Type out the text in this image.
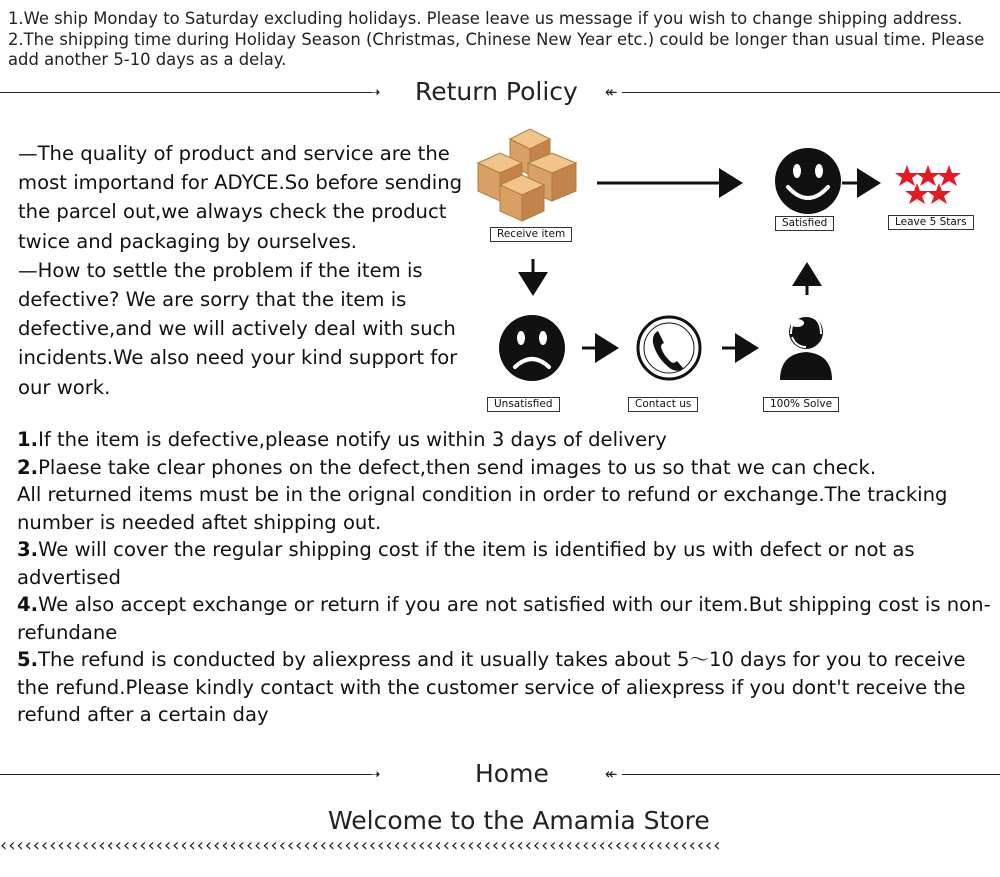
1.We ship Monday to Saturday excluding holidays. Please leave us message if you wish to change shipping address.
2.The shipping time during Holiday Season (Christmas, Chinese New Year etc.) could be longer than usual time. Please add another 5-10 days as a delay.
➝ Return Policy ↞
—The quality of product and service are the most importand for ADYCE.So before sending the parcel out,we always check the product twice and packaging by ourselves.
—How to settle the problem if the item is defective? We are sorry that the item is defective,and we will actively deal with such incidents.We also need your kind support for our work.
Receive item
Satisfied	Leave 5 Stars
Unsatisfied	Contact us	100% Solve

1.If the item is defective,please notify us within 3 days of delivery

2.Plaese take clear phones on the defect,then send images to us so that we can check.

All returned items must be in the orignal condition in order to refund or exchange.The tracking number is needed aftet shipping out.

3.We will cover the regular shipping cost if the item is identified by us with defect or not as advertised

4.We also accept exchange or return if you are not satisfied with our item.But shipping cost is non-refundane

5.The refund is conducted by aliexpress and it usually takes about 5～10 days for you to receive the refund.Please kindly contact with the customer service of aliexpress if you dont't receive the refund after a certain day

➝	Home	↞
Welcome to the Amamia Store
‹‹‹‹‹‹‹‹‹‹‹‹‹‹‹‹‹‹‹‹‹‹‹‹‹‹‹‹‹‹‹‹‹‹‹‹‹‹‹‹‹‹‹‹‹‹‹‹‹‹‹‹‹‹‹‹‹‹‹‹‹‹‹‹‹‹‹‹‹‹‹‹‹‹‹‹‹‹‹‹‹‹‹‹‹‹‹‹
